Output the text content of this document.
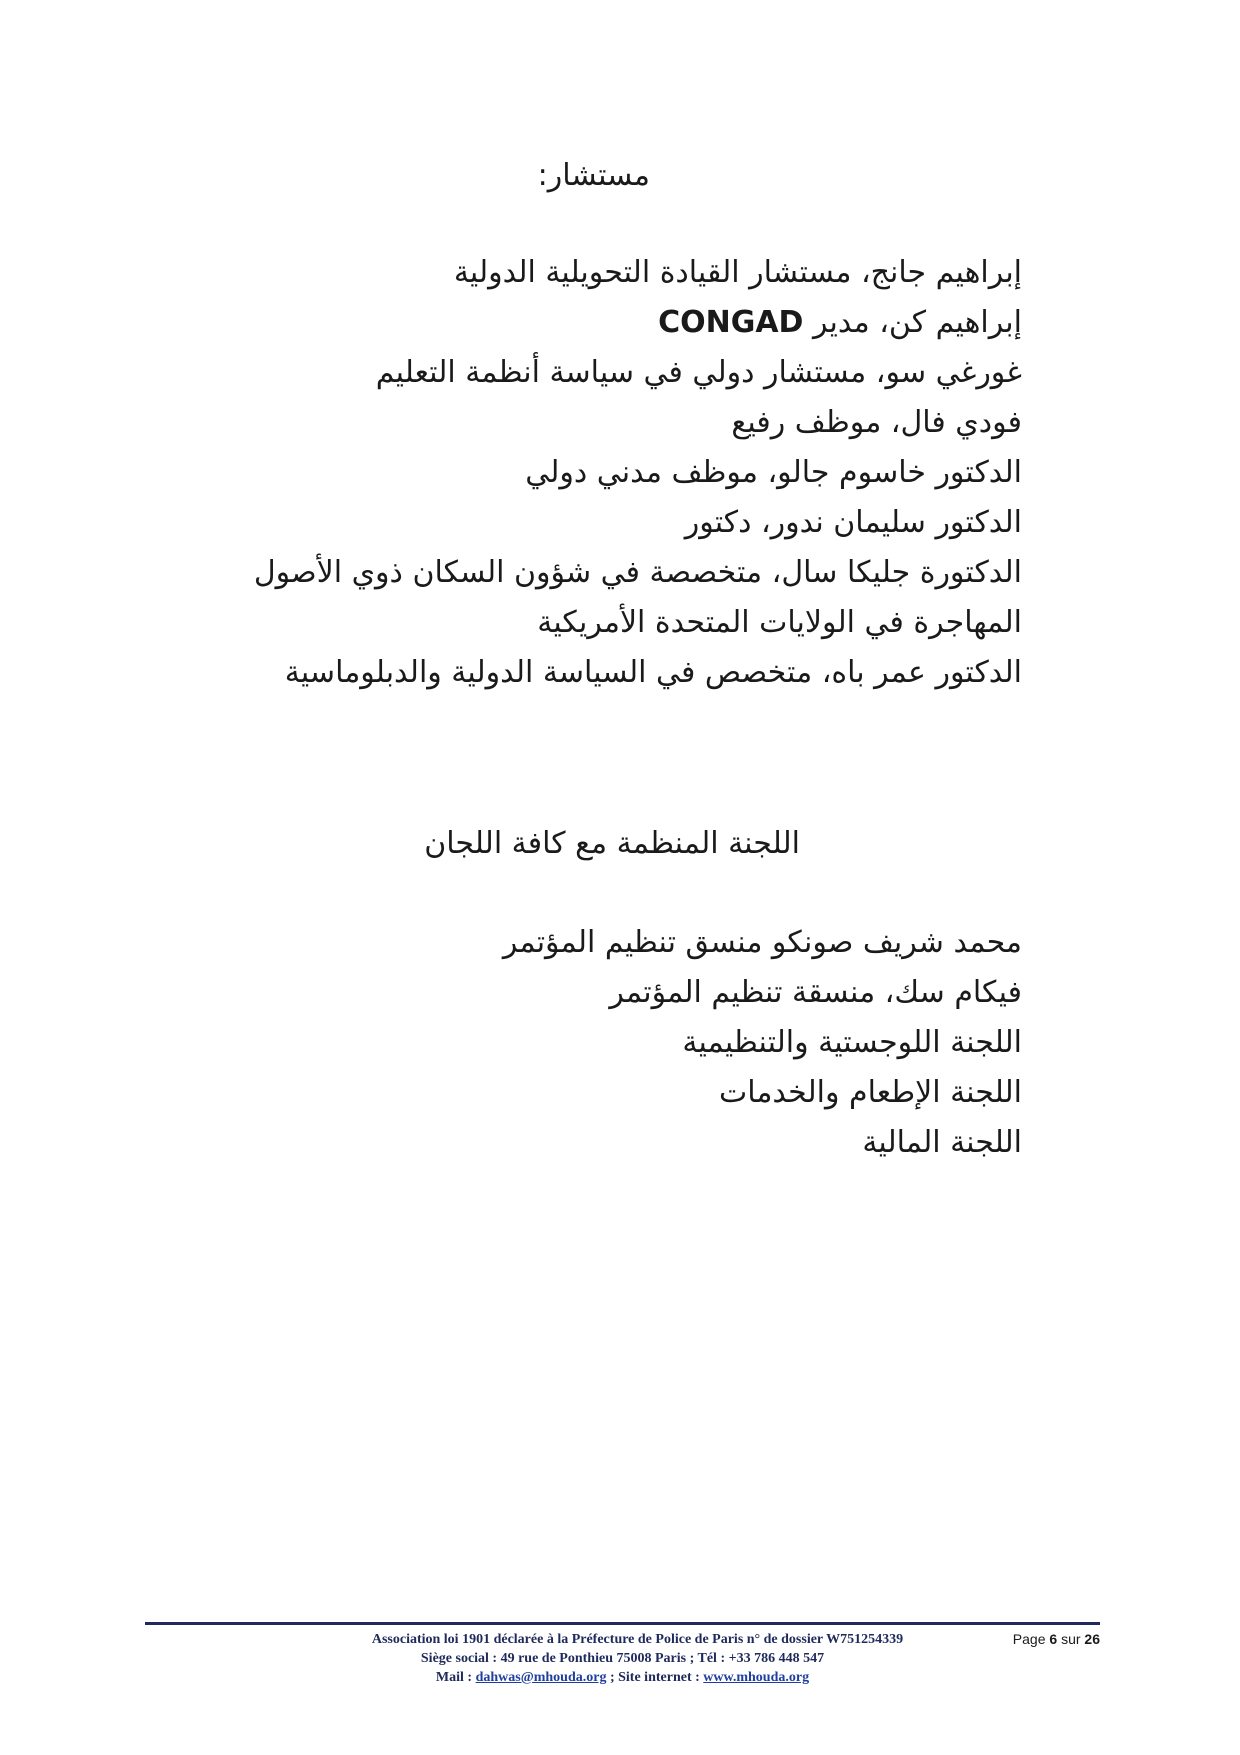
مستشار:
إبراهيم جانج، مستشار القيادة التحويلية الدولية
إبراهيم كن، مدير CONGAD
غورغي سو، مستشار دولي في سياسة أنظمة التعليم
فودي فال، موظف رفيع
الدكتور خاسوم جالو، موظف مدني دولي
الدكتور سليمان ندور، دكتور
الدكتورة جليكا سال، متخصصة في شؤون السكان ذوي الأصول
المهاجرة في الولايات المتحدة الأمريكية
الدكتور عمر باه، متخصص في السياسة الدولية والدبلوماسية
اللجنة المنظمة مع كافة اللجان
محمد شريف صونكو منسق تنظيم المؤتمر
فيكام سك، منسقة تنظيم المؤتمر
اللجنة اللوجستية والتنظيمية
اللجنة الإطعام والخدمات
اللجنة المالية
Association loi 1901 déclarée à la Préfecture de Police de Paris n° de dossier W751254339	Page 6 sur 26
Siège social : 49 rue de Ponthieu 75008 Paris ; Tél : +33 786 448 547
Mail : dahwas@mhouda.org ; Site internet : www.mhouda.org
